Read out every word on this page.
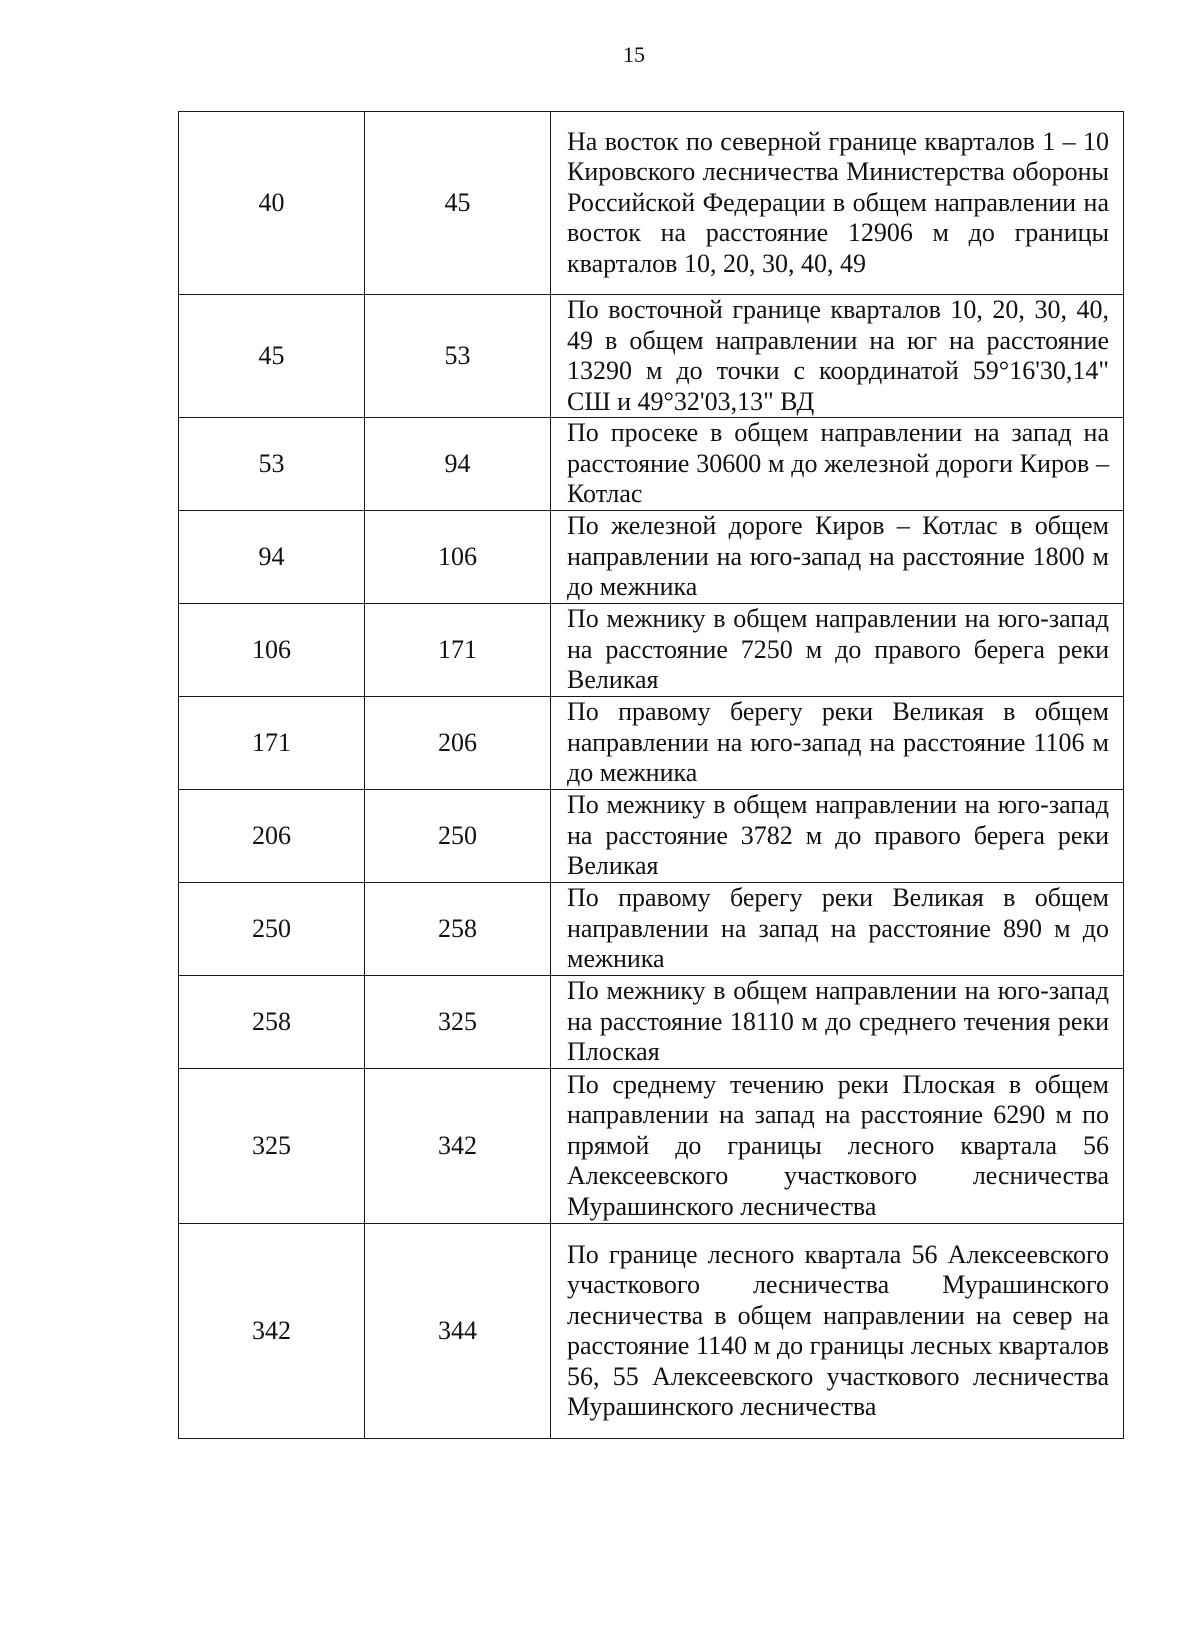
15
40	45	На восток по северной границе кварталов 1 – 10 Кировского лесничества Министерства обороны Российской Федерации в общем направлении на восток на расстояние 12906 м до границы кварталов 10, 20, 30, 40, 49
45	53	По восточной границе кварталов 10, 20, 30, 40, 49 в общем направлении на юг на расстояние 13290 м до точки с координатой 59°16'30,14" СШ и 49°32'03,13" ВД
53	94	По просеке в общем направлении на запад на расстояние 30600 м до железной дороги Киров – Котлас
94	106	По железной дороге Киров – Котлас в общем направлении на юго-запад на расстояние 1800 м до межника
106	171	По межнику в общем направлении на юго-запад на расстояние 7250 м до правого берега реки Великая
171	206	По правому берегу реки Великая в общем направлении на юго-запад на расстояние 1106 м до межника
206	250	По межнику в общем направлении на юго-запад на расстояние 3782 м до правого берега реки Великая
250	258	По правому берегу реки Великая в общем направлении на запад на расстояние 890 м до межника
258	325	По межнику в общем направлении на юго-запад на расстояние 18110 м до среднего течения реки Плоская
325	342	По среднему течению реки Плоская в общем направлении на запад на расстояние 6290 м по прямой до границы лесного квартала 56 Алексеевского участкового лесничества Мурашинского лесничества
342	344	По границе лесного квартала 56 Алексеевского участкового лесничества Мурашинского лесничества в общем направлении на север на расстояние 1140 м до границы лесных кварталов 56, 55 Алексеевского участкового лесничества Мурашинского лесничества
